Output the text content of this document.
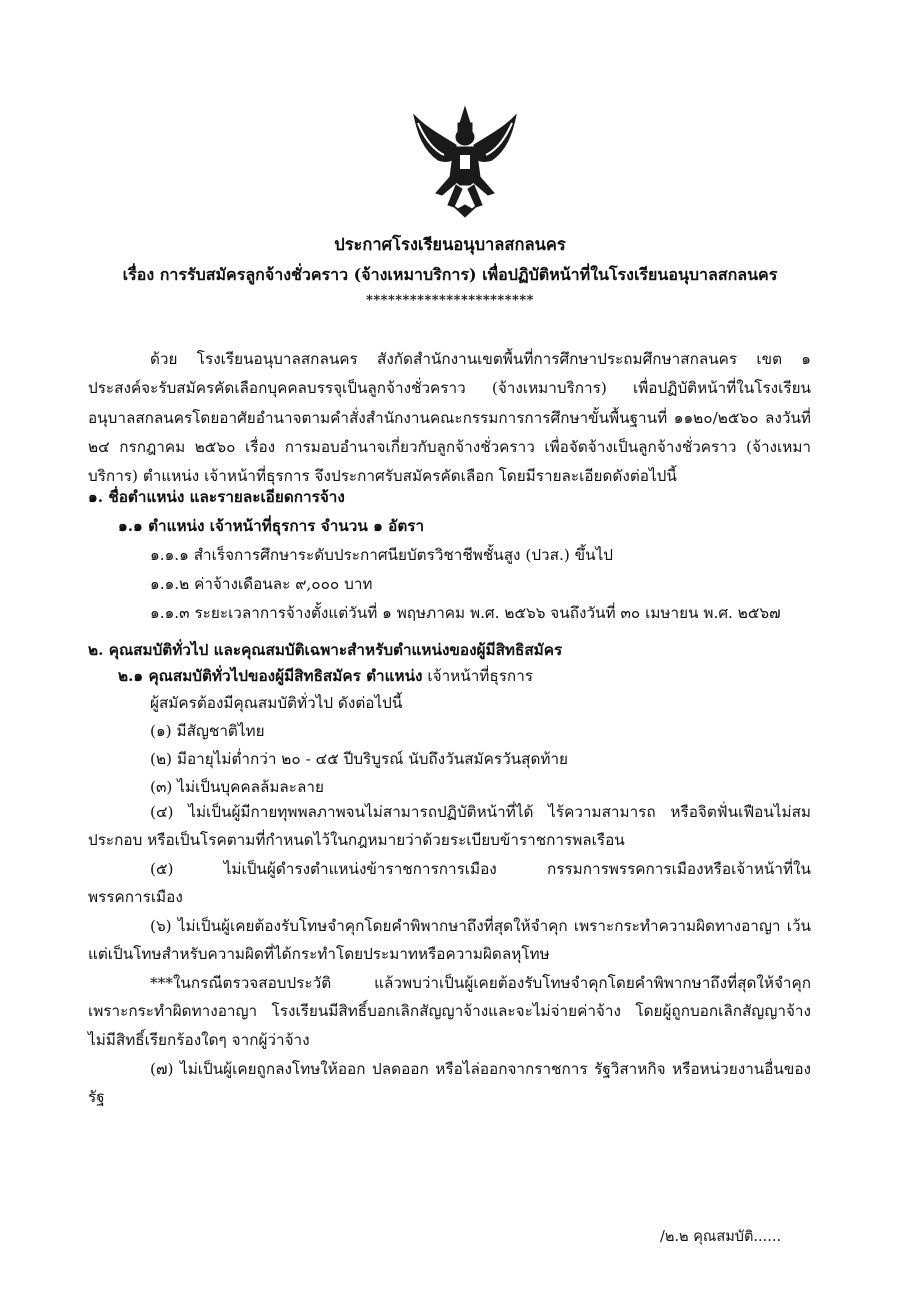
ประกาศโรงเรียนอนุบาลสกลนคร
เรื่อง การรับสมัครลูกจ้างชั่วคราว (จ้างเหมาบริการ) เพื่อปฏิบัติหน้าที่ในโรงเรียนอนุบาลสกลนคร
***********************
ด้วย โรงเรียนอนุบาลสกลนคร สังกัดสำนักงานเขตพื้นที่การศึกษาประถมศึกษาสกลนคร เขต ๑ ประสงค์จะรับสมัครคัดเลือกบุคคลบรรจุเป็นลูกจ้างชั่วคราว (จ้างเหมาบริการ) เพื่อปฏิบัติหน้าที่ในโรงเรียนอนุบาลสกลนครโดยอาศัยอำนาจตามคำสั่งสำนักงานคณะกรรมการการศึกษาขั้นพื้นฐานที่ ๑๑๒๐/๒๕๖๐ ลงวันที่ ๒๔ กรกฎาคม ๒๕๖๐ เรื่อง การมอบอำนาจเกี่ยวกับลูกจ้างชั่วคราว เพื่อจัดจ้างเป็นลูกจ้างชั่วคราว (จ้างเหมาบริการ) ตำแหน่ง เจ้าหน้าที่ธุรการ จึงประกาศรับสมัครคัดเลือก โดยมีรายละเอียดดังต่อไปนี้
๑. ชื่อตำแหน่ง และรายละเอียดการจ้าง
๑.๑ ตำแหน่ง เจ้าหน้าที่ธุรการ จำนวน ๑ อัตรา
๑.๑.๑ สำเร็จการศึกษาระดับประกาศนียบัตรวิชาชีพชั้นสูง (ปวส.) ขึ้นไป
๑.๑.๒ ค่าจ้างเดือนละ ๙,๐๐๐ บาท
๑.๑.๓ ระยะเวลาการจ้างตั้งแต่วันที่ ๑ พฤษภาคม พ.ศ. ๒๕๖๖ จนถึงวันที่ ๓๐ เมษายน พ.ศ. ๒๕๖๗
๒. คุณสมบัติทั่วไป และคุณสมบัติเฉพาะสำหรับตำแหน่งของผู้มีสิทธิสมัคร
๒.๑ คุณสมบัติทั่วไปของผู้มีสิทธิสมัคร ตำแหน่ง เจ้าหน้าที่ธุรการ
ผู้สมัครต้องมีคุณสมบัติทั่วไป ดังต่อไปนี้
(๑) มีสัญชาติไทย
(๒) มีอายุไม่ต่ำกว่า ๒๐ - ๔๕ ปีบริบูรณ์ นับถึงวันสมัครวันสุดท้าย
(๓) ไม่เป็นบุคคลล้มละลาย
(๔) ไม่เป็นผู้มีกายทุพพลภาพจนไม่สามารถปฏิบัติหน้าที่ได้ ไร้ความสามารถ หรือจิตฟั่นเฟือนไม่สมประกอบ หรือเป็นโรคตามที่กำหนดไว้ในกฎหมายว่าด้วยระเบียบข้าราชการพลเรือน
(๕) ไม่เป็นผู้ดำรงตำแหน่งข้าราชการการเมือง กรรมการพรรคการเมืองหรือเจ้าหน้าที่ในพรรคการเมือง
(๖) ไม่เป็นผู้เคยต้องรับโทษจำคุกโดยคำพิพากษาถึงที่สุดให้จำคุก เพราะกระทำความผิดทางอาญา เว้นแต่เป็นโทษสำหรับความผิดที่ได้กระทำโดยประมาทหรือความผิดลหุโทษ
***ในกรณีตรวจสอบประวัติ แล้วพบว่าเป็นผู้เคยต้องรับโทษจำคุกโดยคำพิพากษาถึงที่สุดให้จำคุกเพราะกระทำผิดทางอาญา โรงเรียนมีสิทธิ์บอกเลิกสัญญาจ้างและจะไม่จ่ายค่าจ้าง โดยผู้ถูกบอกเลิกสัญญาจ้างไม่มีสิทธิ์เรียกร้องใดๆ จากผู้ว่าจ้าง
(๗) ไม่เป็นผู้เคยถูกลงโทษให้ออก ปลดออก หรือไล่ออกจากราชการ รัฐวิสาหกิจ หรือหน่วยงานอื่นของรัฐ
/๒.๒ คุณสมบัติ......
